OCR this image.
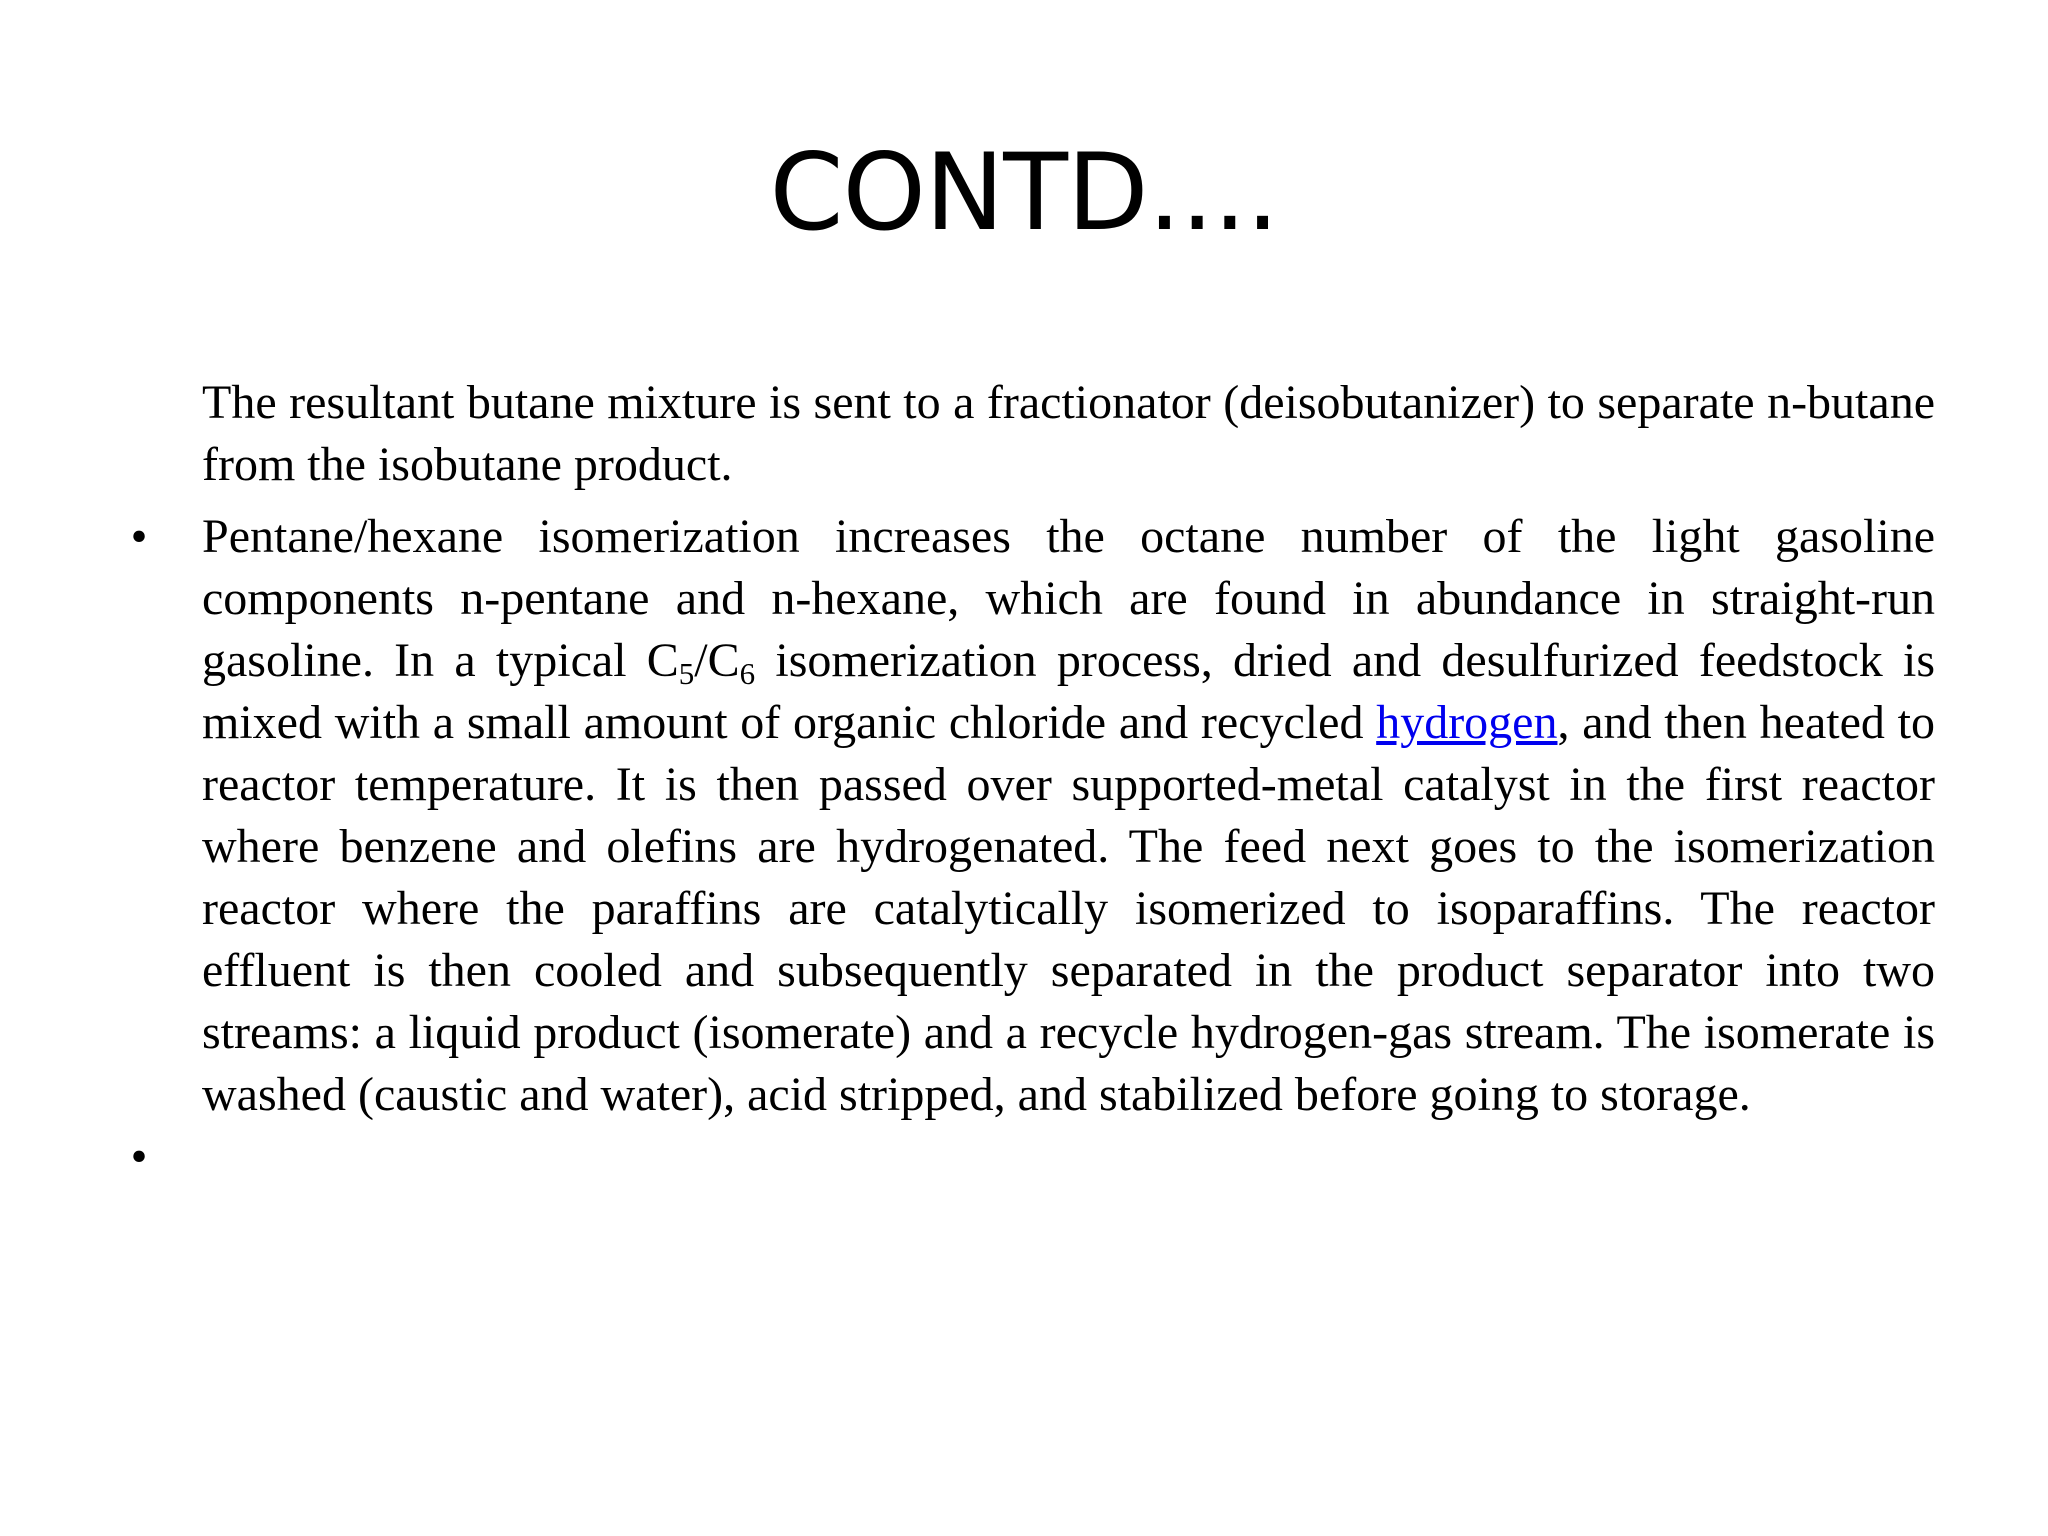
CONTD....
The resultant butane mixture is sent to a fractionator (deisobutanizer) to separate n-butane from the isobutane product.
• Pentane/hexane isomerization increases the octane number of the light gasoline components n-pentane and n-hexane, which are found in abundance in straight-run gasoline. In a typical $C_5/C_6$ isomerization process, dried and desulfurized feedstock is mixed with a small amount of organic chloride and recycled hydrogen, and then heated to reactor temperature. It is then passed over supported-metal catalyst in the first reactor where benzene and olefins are hydrogenated. The feed next goes to the isomerization reactor where the paraffins are catalytically isomerized to isoparaffins. The reactor effluent is then cooled and subsequently separated in the product separator into two streams: a liquid product (isomerate) and a recycle hydrogen-gas stream. The isomerate is washed (caustic and water), acid stripped, and stabilized before going to storage.
•
